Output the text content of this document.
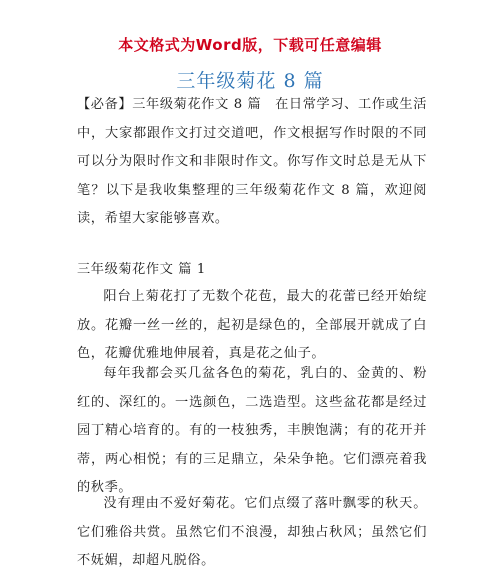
本文格式为Word版，下载可任意编辑
三年级菊花 8 篇

【必备】三年级菊花作文 8 篇　在日常学习、工作或生活中，大家都跟作文打过交道吧，作文根据写作时限的不同可以分为限时作文和非限时作文。你写作文时总是无从下笔？以下是我收集整理的三年级菊花作文 8 篇，欢迎阅读，希望大家能够喜欢。

三年级菊花作文 篇 1

阳台上菊花打了无数个花苞，最大的花蕾已经开始绽放。花瓣一丝一丝的，起初是绿色的，全部展开就成了白色，花瓣优雅地伸展着，真是花之仙子。

每年我都会买几盆各色的菊花，乳白的、金黄的、粉红的、深红的。一选颜色，二选造型。这些盆花都是经过园丁精心培育的。有的一枝独秀，丰腴饱满；有的花开并蒂，两心相悦；有的三足鼎立，朵朵争艳。它们漂亮着我的秋季。

没有理由不爱好菊花。它们点缀了落叶飘零的秋天。它们雅俗共赏。虽然它们不浪漫，却独占秋风；虽然它们不妩媚，却超凡脱俗。
